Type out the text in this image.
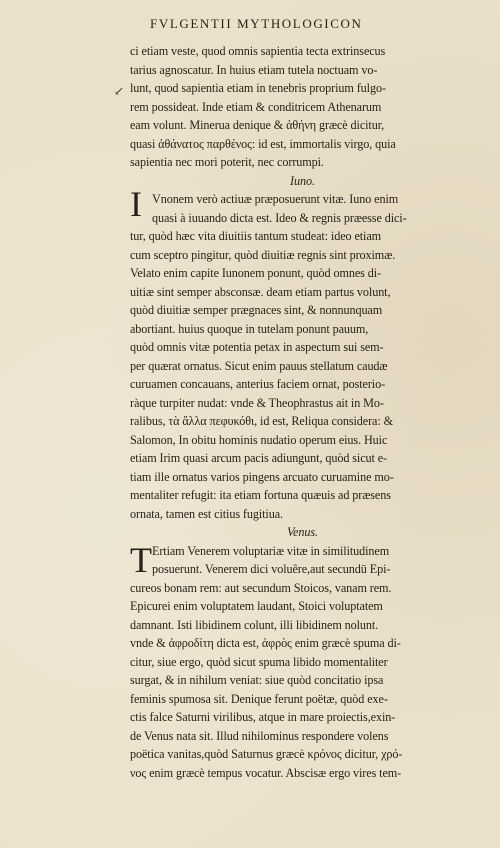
FVLGENTII MYTHOLOGICON
↙
ci etiam veste, quod omnis sapientia tecta extrinsecus
tarius agnoscatur. In huius etiam tutela noctuam vo-
lunt, quod sapientia etiam in tenebris proprium fulgo-
rem possideat. Inde etiam & conditricem Athenarum
eam volunt. Minerua denique & ἀθήνη græcè dicitur,
quasi ἀθάνατος παρθένος: id est, immortalis virgo, quia
sapientia nec mori poterit, nec corrumpi.
Iuno.
I Vnonem verò actiuæ præposuerunt vitæ. Iuno enim
quasi à iuuando dicta est. Ideo & regnis præesse dici-
tur, quòd hæc vita diuitiis tantum studeat: ideo etiam
cum sceptro pingitur, quòd diuitiæ regnis sint proximæ.
Velato enim capite Iunonem ponunt, quòd omnes di-
uitiæ sint semper absconsæ. deam etiam partus volunt,
quòd diuitiæ semper prægnaces sint, & nonnunquam
abortiant. huius quoque in tutelam ponunt pauum,
quòd omnis vitæ potentia petax in aspectum sui sem-
per quærat ornatus. Sicut enim pauus stellatum caudæ
curuamen concauans, anterius faciem ornat, posterio-
ràque turpiter nudat: vnde & Theophrastus ait in Mo-
ralibus, τὰ ἄλλα πεφυκόθι, id est, Reliqua considera: &
Salomon, In obitu hominis nudatio operum eius. Huic
etiam Irim quasi arcum pacis adiungunt, quòd sicut e-
tiam ille ornatus varios pingens arcuato curuamine mo-
mentaliter refugit: ita etiam fortuna quæuis ad præsens
ornata, tamen est citius fugitiua.
Venus.
T Ertiam Venerem voluptariæ vitæ in similitudinem
posuerunt. Venerem dici voluêre,aut secundū Epi-
cureos bonam rem: aut secundum Stoicos, vanam rem.
Epicurei enim voluptatem laudant, Stoici voluptatem
damnant. Isti libidinem colunt, illi libidinem nolunt.
vnde & ἀφροδίτη dicta est, ἀφρὸς enim græcè spuma di-
citur, siue ergo, quòd sicut spuma libido momentaliter
surgat, & in nihilum veniat: siue quòd concitatio ipsa
feminis spumosa sit. Denique ferunt poëtæ, quòd exe-
ctis falce Saturni virilibus, atque in mare proiectis,exin-
de Venus nata sit. Illud nihilominus respondere volens
poëtica vanitas,quòd Saturnus græcè κρόνος dicitur, χρό-
νος enim græcè tempus vocatur. Abscisæ ergo vires tem-
